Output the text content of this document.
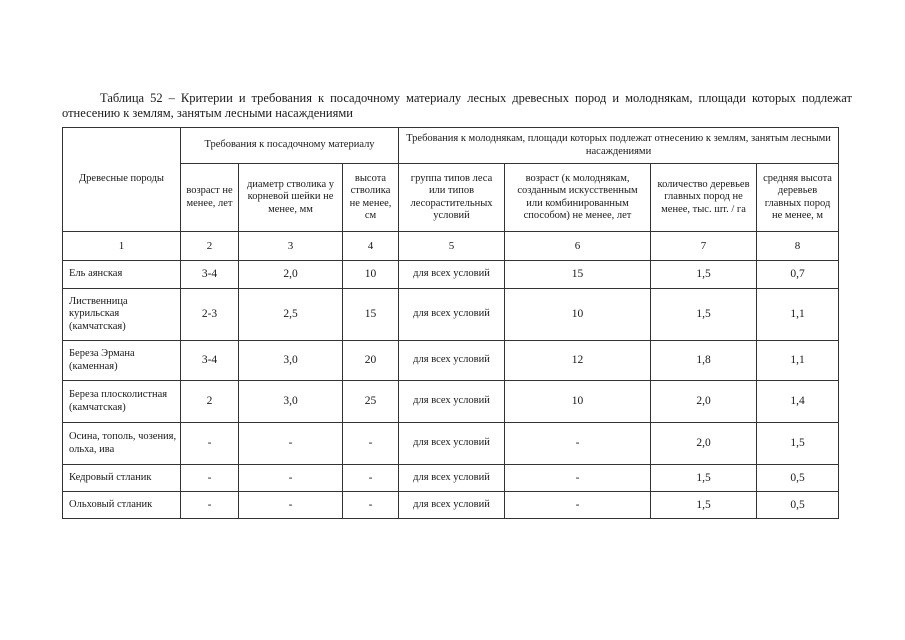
Таблица 52 – Критерии и требования к посадочному материалу лесных древесных пород и молоднякам, площади которых подлежат отнесению к землям, занятым лесными насаждениями
Древесные породы	Требования к посадочному материалу			Требования к молоднякам, площади которых подлежат отнесению к землям, занятым лесными насаждениями			
	возраст не менее, лет	диаметр стволика у корневой шейки не менее, мм	высота стволика не менее, см	группа типов леса или типов лесорастительных условий	возраст (к молоднякам, созданным искусственным или комбинированным способом) не менее, лет	количество деревьев главных пород не менее, тыс. шт. / га	средняя высота деревьев главных пород не менее, м
1	2	3	4	5	6	7	8
Ель аянская	3-4	2,0	10	для всех условий	15	1,5	0,7
Лиственница курильская (камчатская)	2-3	2,5	15	для всех условий	10	1,5	1,1
Береза Эрмана (каменная)	3-4	3,0	20	для всех условий	12	1,8	1,1
Береза плосколистная (камчатская)	2	3,0	25	для всех условий	10	2,0	1,4
Осина, тополь, чозения, ольха, ива	-	-	-	для всех условий	-	2,0	1,5
Кедровый стланик	-	-	-	для всех условий	-	1,5	0,5
Ольховый стланик	-	-	-	для всех условий	-	1,5	0,5
